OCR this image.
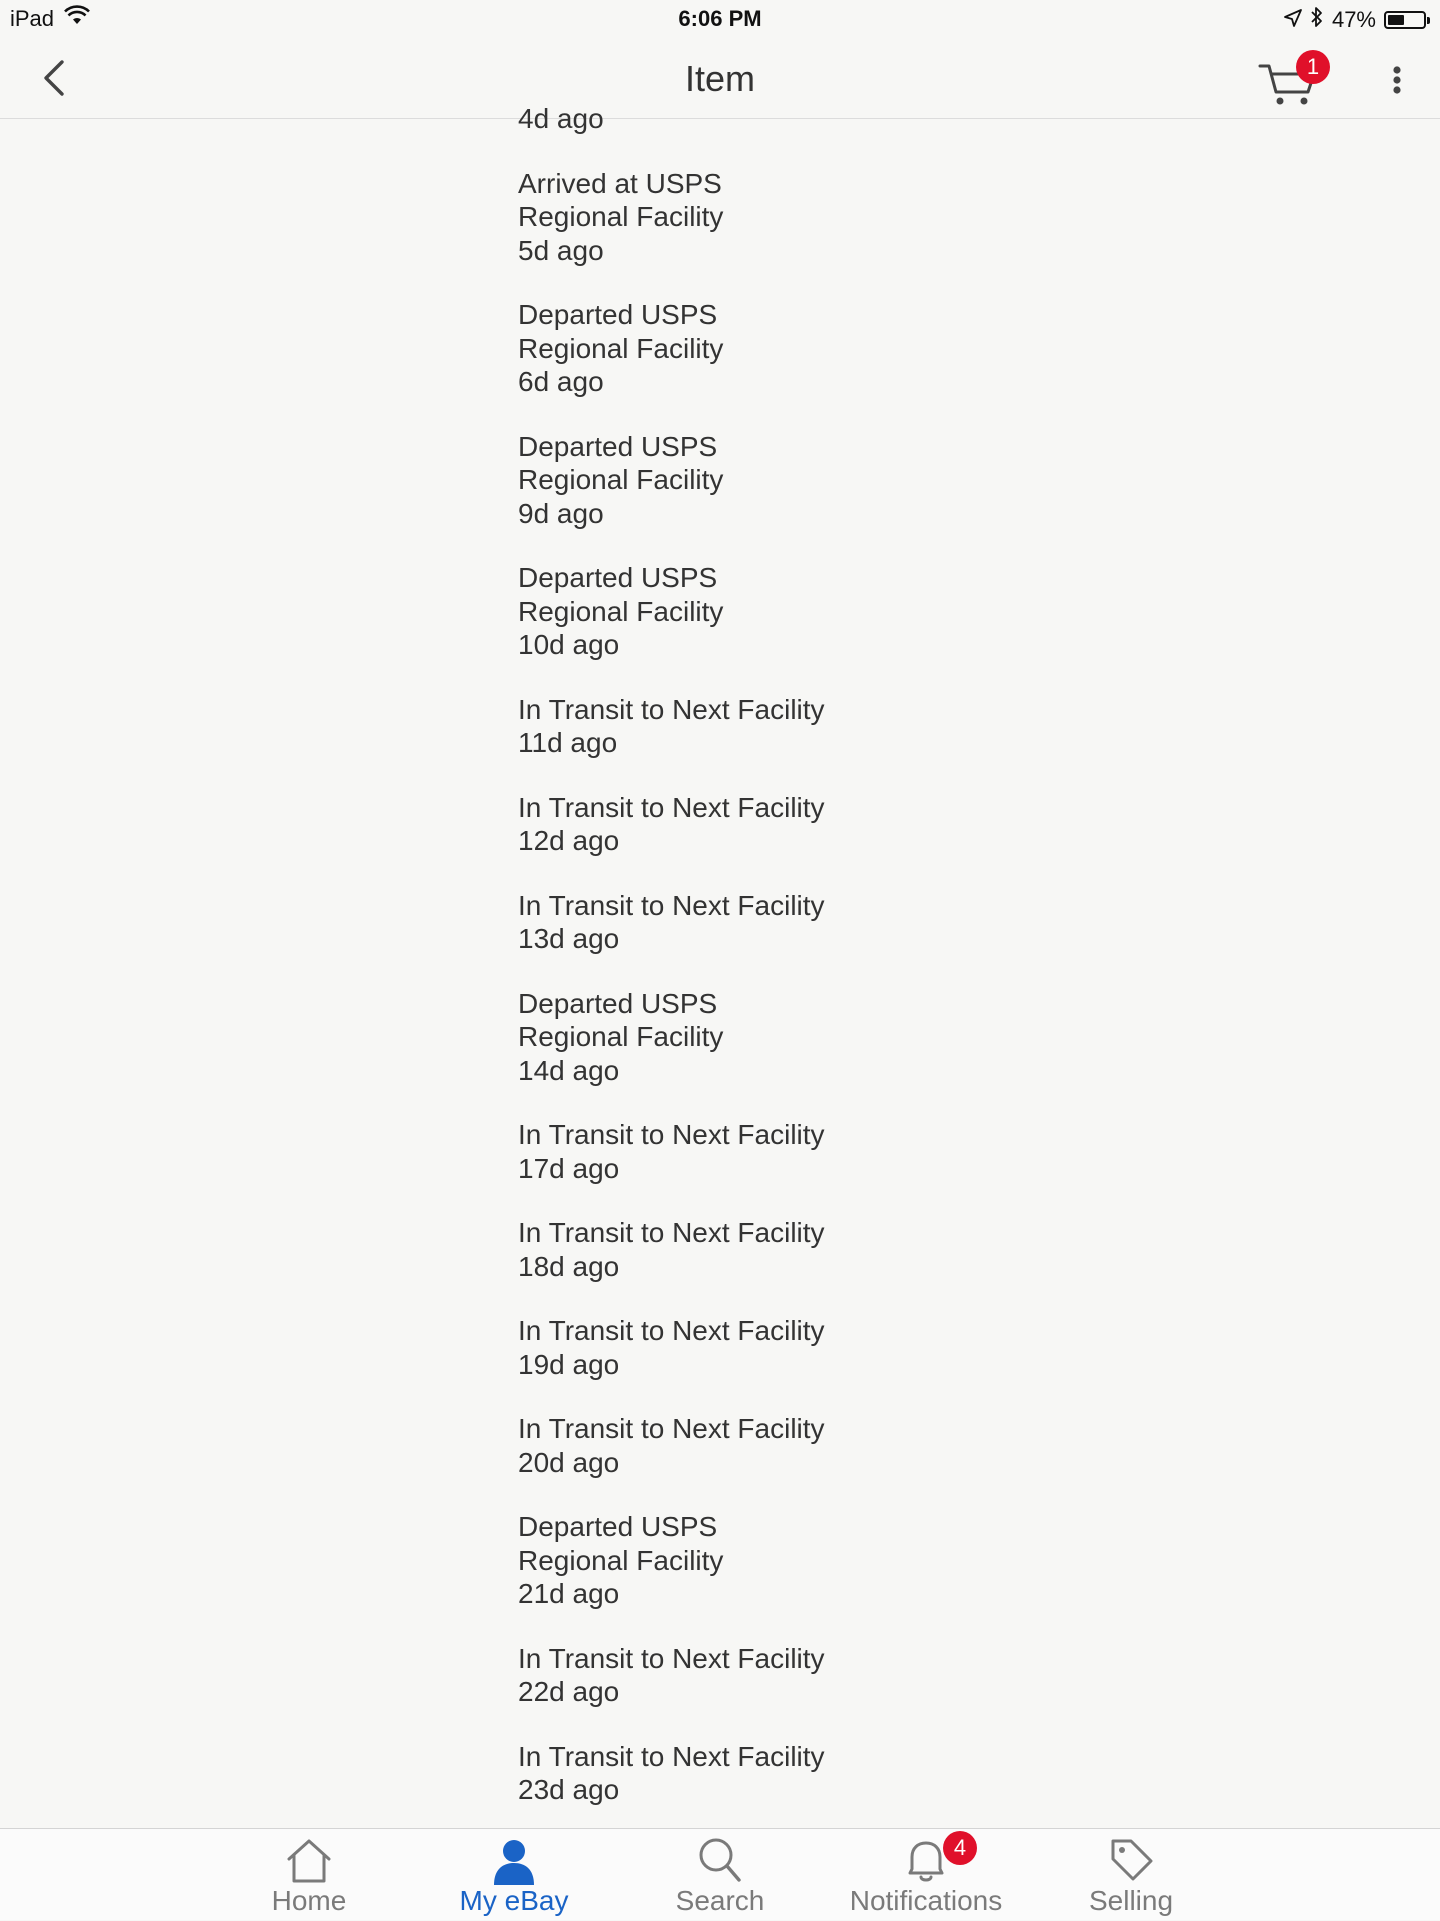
iPad	6:06 PM	47%
Item	1
4d ago
Arrived at USPS
Regional Facility
5d ago
Departed USPS
Regional Facility
6d ago
Departed USPS
Regional Facility
9d ago
Departed USPS
Regional Facility
10d ago
In Transit to Next Facility
11d ago
In Transit to Next Facility
12d ago
In Transit to Next Facility
13d ago
Departed USPS
Regional Facility
14d ago
In Transit to Next Facility
17d ago
In Transit to Next Facility
18d ago
In Transit to Next Facility
19d ago
In Transit to Next Facility
20d ago
Departed USPS
Regional Facility
21d ago
In Transit to Next Facility
22d ago
In Transit to Next Facility
23d ago
Home	My eBay	Search
4
Notifications	Selling
